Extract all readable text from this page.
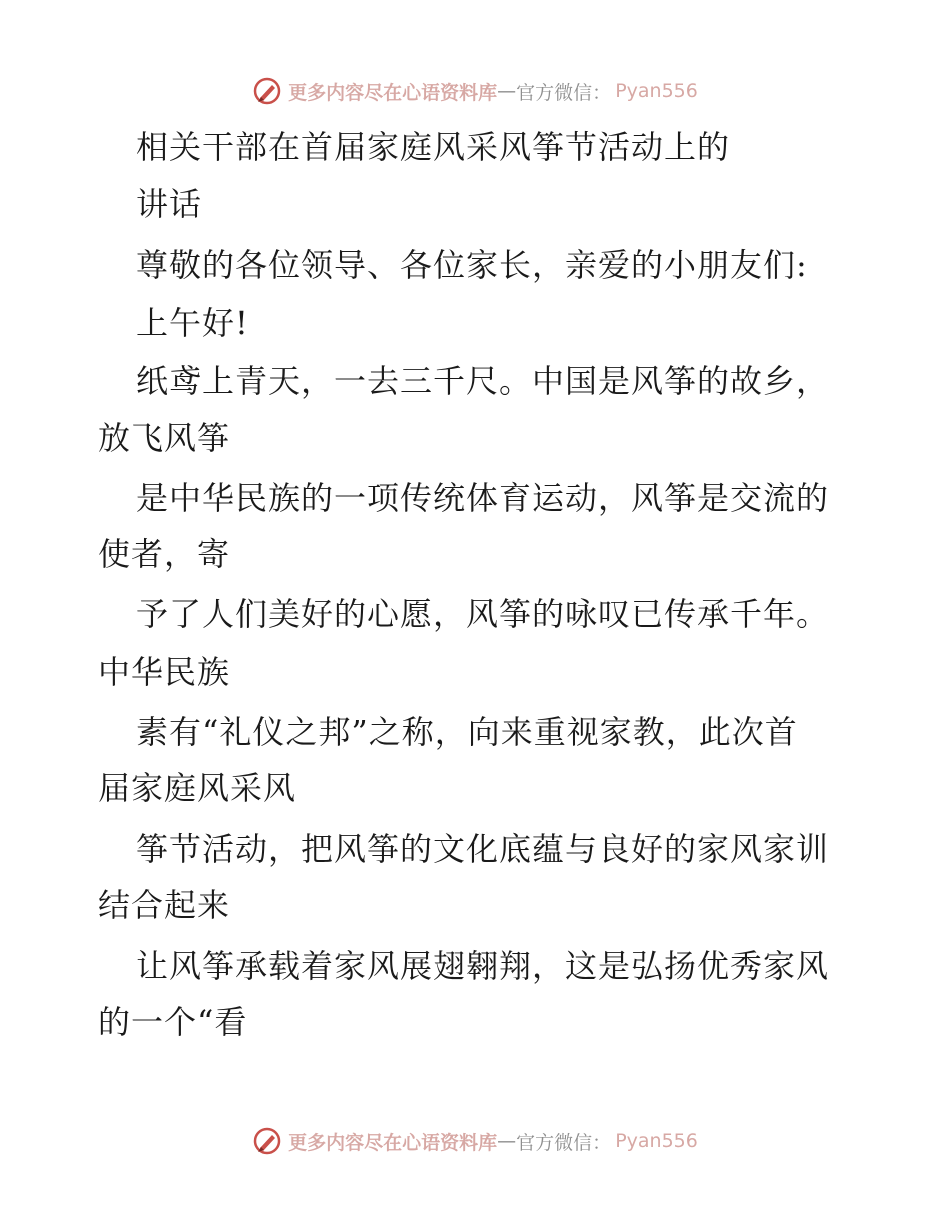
更多内容尽在心语资料库 — 官方微信： Pyan556
相关干部在首届家庭风采风筝节活动上的
讲话
尊敬的各位领导、各位家长，亲爱的小朋友们:
上午好!
纸鸢上青天，一去三千尺。中国是风筝的故乡，
放飞风筝
是中华民族的一项传统体育运动，风筝是交流的
使者，寄
予了人们美好的心愿，风筝的咏叹已传承千年。
中华民族
素有“礼仪之邦”之称，向来重视家教，此次首
届家庭风采风
筝节活动，把风筝的文化底蕴与良好的家风家训
结合起来
让风筝承载着家风展翅翱翔，这是弘扬优秀家风
的一个“看
更多内容尽在心语资料库 — 官方微信： Pyan556
